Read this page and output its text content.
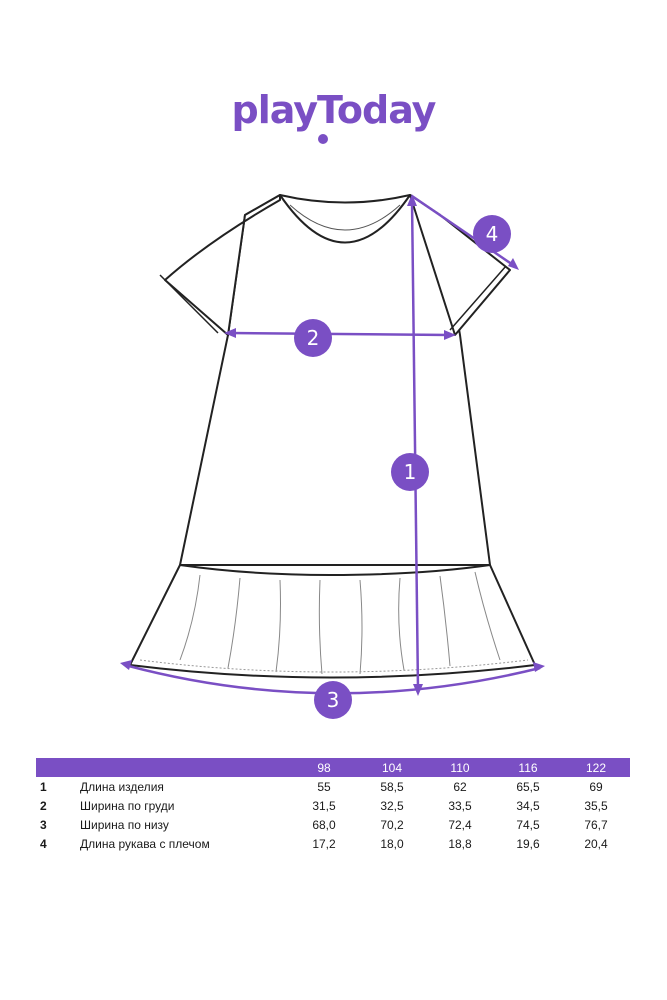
playToday
1
2
3
4
		98	104	110	116	122
1	Длина изделия	55	58,5	62	65,5	69
2	Ширина по груди	31,5	32,5	33,5	34,5	35,5
3	Ширина по низу	68,0	70,2	72,4	74,5	76,7
4	Длина рукава с плечом	17,2	18,0	18,8	19,6	20,4
